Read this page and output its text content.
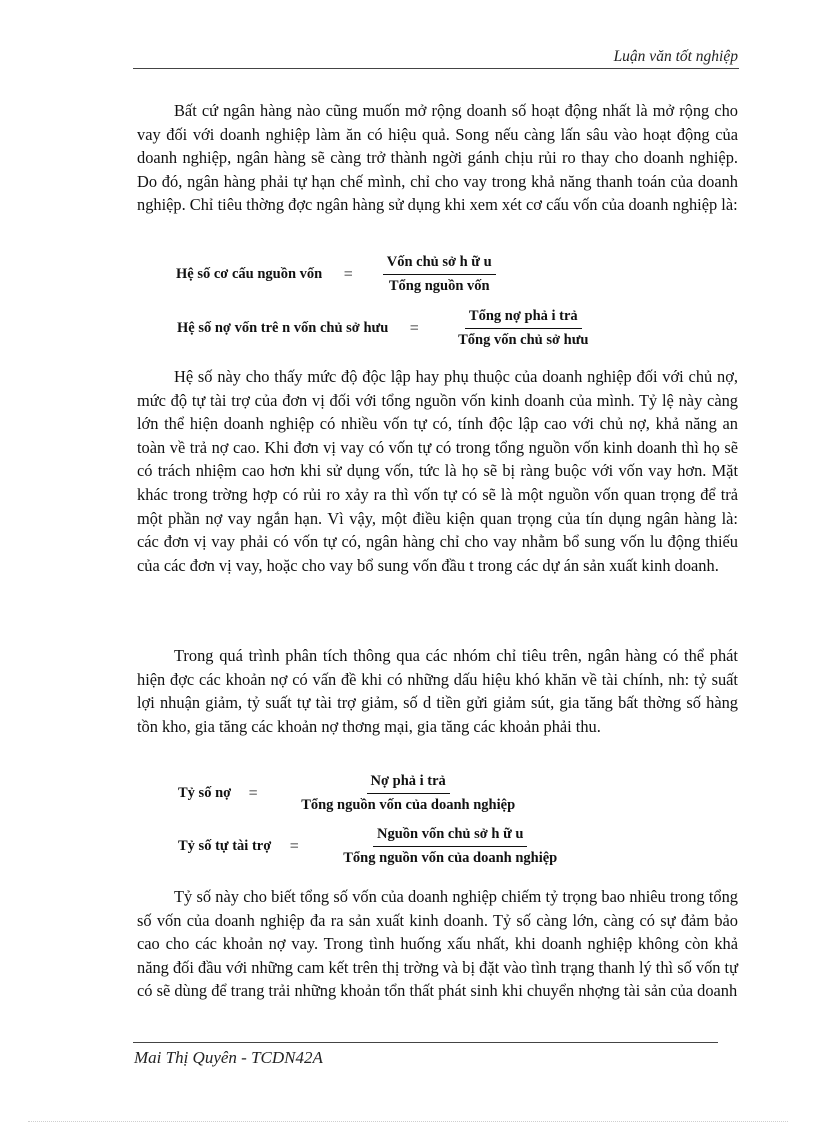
Luận văn tốt nghiệp

Bất cứ ngân hàng nào cũng muốn mở rộng doanh số hoạt động nhất là mở rộng cho vay đối với doanh nghiệp làm ăn có hiệu quả. Song nếu càng lấn sâu vào hoạt động của doanh nghiệp, ngân hàng sẽ càng trở thành ngời gánh chịu rủi ro thay cho doanh nghiệp. Do đó, ngân hàng phải tự hạn chế mình, chỉ cho vay trong khả năng thanh toán của doanh nghiệp. Chỉ tiêu thờng đợc ngân hàng sử dụng khi xem xét cơ cấu vốn của doanh nghiệp là:

Hệ số cơ cấu nguồn vốn	=	$\frac{\text{Vốn chủ sở h ữ u}}{\text{Tổng nguồn vốn}}$
Hệ số nợ vốn trê n vốn chủ sở hưu	=	$\frac{\text{Tổng nợ phả i trả}}{\text{Tổng vốn chủ sở hưu}}$

Hệ số này cho thấy mức độ độc lập hay phụ thuộc của doanh nghiệp đối với chủ nợ, mức độ tự tài trợ của đơn vị đối với tổng nguồn vốn kinh doanh của mình. Tỷ lệ này càng lớn thể hiện doanh nghiệp có nhiều vốn tự có, tính độc lập cao với chủ nợ, khả năng an toàn về trả nợ cao. Khi đơn vị vay có vốn tự có trong tổng nguồn vốn kinh doanh thì họ sẽ có trách nhiệm cao hơn khi sử dụng vốn, tức là họ sẽ bị ràng buộc với vốn vay hơn. Mặt khác trong trờng hợp có rủi ro xảy ra thì vốn tự có sẽ là một nguồn vốn quan trọng để trả một phần nợ vay ngắn hạn. Vì vậy, một điều kiện quan trọng của tín dụng ngân hàng là: các đơn vị vay phải có vốn tự có, ngân hàng chỉ cho vay nhằm bổ sung vốn lu động thiếu của các đơn vị vay, hoặc cho vay bổ sung vốn đầu t trong các dự án sản xuất kinh doanh.

Trong quá trình phân tích thông qua các nhóm chỉ tiêu trên, ngân hàng có thể phát hiện đợc các khoản nợ có vấn đề khi có những dấu hiệu khó khăn về tài chính, nh: tỷ suất lợi nhuận giảm, tỷ suất tự tài trợ giảm, số d tiền gửi giảm sút, gia tăng bất thờng số hàng tồn kho, gia tăng các khoản nợ thơng mại, gia tăng các khoản phải thu.

Tỷ số nợ	=	$\frac{\text{Nợ phả i trả}}{\text{Tổng nguồn vốn của doanh nghiệp}}$
Tỷ số tự tài trợ	=	$\frac{\text{Nguồn vốn chủ sở h ữ u}}{\text{Tổng nguồn vốn của doanh nghiệp}}$

Tỷ số này cho biết tổng số vốn của doanh nghiệp chiếm tỷ trọng bao nhiêu trong tổng số vốn của doanh nghiệp đa ra sản xuất kinh doanh. Tỷ số càng lớn, càng có sự đảm bảo cao cho các khoản nợ vay. Trong tình huống xấu nhất, khi doanh nghiệp không còn khả năng đối đầu với những cam kết trên thị trờng và bị đặt vào tình trạng thanh lý thì số vốn tự có sẽ dùng để trang trải những khoản tổn thất phát sinh khi chuyển nhợng tài sản của doanh

Mai Thị Quyên - TCDN42A
